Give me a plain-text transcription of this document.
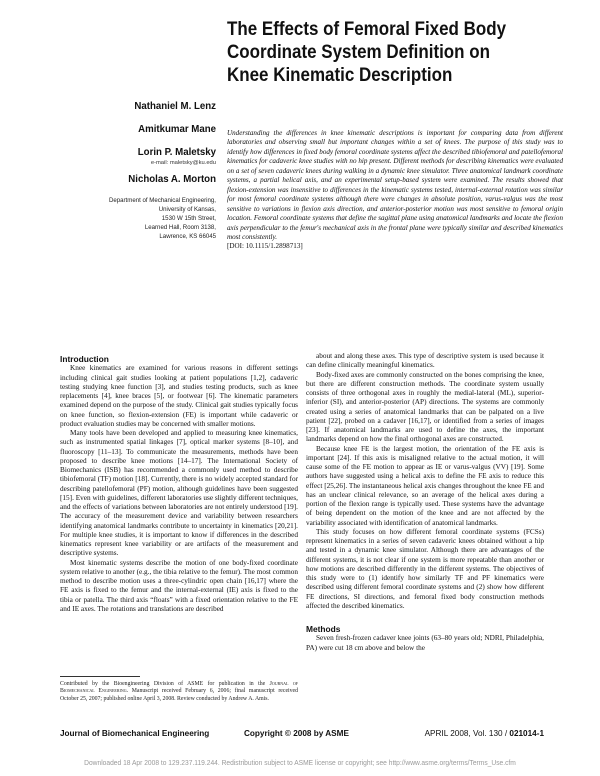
The Effects of Femoral Fixed Body
Coordinate System Definition on
Knee Kinematic Description
Nathaniel M. Lenz
Amitkumar Mane
Lorin P. Maletsky
e-mail: maletsky@ku.edu
Nicholas A. Morton
Department of Mechanical Engineering,
University of Kansas,
1530 W 15th Street,
Learned Hall, Room 3138,
Lawrence, KS 66045
Understanding the differences in knee kinematic descriptions is important for comparing data from different laboratories and observing small but important changes within a set of knees. The purpose of this study was to identify how differences in fixed body femoral coordinate systems affect the described tibiofemoral and patellofemoral kinematics for cadaveric knee studies with no hip present. Different methods for describing kinematics were evaluated on a set of seven cadaveric knees during walking in a dynamic knee simulator. Three anatomical landmark coordinate systems, a partial helical axis, and an experimental setup-based system were examined. The results showed that flexion-extension was insensitive to differences in the kinematic systems tested, internal-external rotation was similar for most femoral coordinate systems although there were changes in absolute position, varus-valgus was the most sensitive to variations in flexion axis direction, and anterior-posterior motion was most sensitive to femoral origin location. Femoral coordinate systems that define the sagittal plane using anatomical landmarks and locate the flexion axis perpendicular to the femur's mechanical axis in the frontal plane were typically similar and described kinematics most consistently.
[DOI: 10.1115/1.2898713]

Introduction

Knee kinematics are examined for various reasons in different settings including clinical gait studies looking at patient populations [1,2], cadaveric testing studying knee function [3], and studies testing products, such as knee replacements [4], knee braces [5], or footwear [6]. The kinematic parameters examined depend on the purpose of the study. Clinical gait studies typically focus on knee function, so flexion-extension (FE) is important while cadaveric or product evaluation studies may be concerned with smaller motions.

Many tools have been developed and applied to measuring knee kinematics, such as instrumented spatial linkages [7], optical marker systems [8–10], and fluoroscopy [11–13]. To communicate the measurements, methods have been proposed to describe knee motions [14–17]. The International Society of Biomechanics (ISB) has recommended a commonly used method to describe tibiofemoral (TF) motion [18]. Currently, there is no widely accepted standard for describing patellofemoral (PF) motion, although guidelines have been suggested [15]. Even with guidelines, different laboratories use slightly different techniques, and the effects of variations between laboratories are not entirely understood [19]. The accuracy of the measurement device and variability between researchers identifying anatomical landmarks contribute to uncertainty in kinematics [20,21]. For multiple knee studies, it is important to know if differences in the described kinematics represent knee variability or are artifacts of the measurement and descriptive systems.

Most kinematic systems describe the motion of one body-fixed coordinate system relative to another (e.g., the tibia relative to the femur). The most common method to describe motion uses a three-cylindric open chain [16,17] where the FE axis is fixed to the femur and the internal-external (IE) axis is fixed to the tibia or patella. The third axis “floats” with a fixed orientation relative to the FE and IE axes. The rotations and translations are described

Contributed by the Bioengineering Division of ASME for publication in the Journal of Biomechanical Engineering. Manuscript received February 6, 2006; final manuscript received October 25, 2007; published online April 3, 2008. Review conducted by Andrew A. Amis.

about and along these axes. This type of descriptive system is used because it can define clinically meaningful kinematics.

Body-fixed axes are commonly constructed on the bones comprising the knee, but there are different construction methods. The coordinate system usually consists of three orthogonal axes in roughly the medial-lateral (ML), superior-inferior (SI), and anterior-posterior (AP) directions. The systems are commonly created using a series of anatomical landmarks that can be palpated on a live patient [22], probed on a cadaver [16,17], or identified from a series of images [23]. If anatomical landmarks are used to define the axes, the important landmarks depend on how the final orthogonal axes are constructed.

Because knee FE is the largest motion, the orientation of the FE axis is important [24]. If this axis is misaligned relative to the actual motion, it will cause some of the FE motion to appear as IE or varus-valgus (VV) [19]. Some authors have suggested using a helical axis to define the FE axis to reduce this effect [25,26]. The instantaneous helical axis changes throughout the knee FE and has an unclear clinical relevance, so an average of the helical axes during a portion of the flexion range is typically used. These systems have the advantage of being dependent on the motion of the knee and are not affected by the variability associated with identification of anatomical landmarks.

This study focuses on how different femoral coordinate systems (FCSs) represent kinematics in a series of seven cadaveric knees obtained without a hip and tested in a dynamic knee simulator. Although there are advantages of the different systems, it is not clear if one system is more repeatable than another or how motions are described differently in the different systems. The objectives of this study were to (1) identify how similarly TF and PF kinematics were described using different femoral coordinate systems and (2) show how different FE directions, SI directions, and femoral fixed body construction methods affected the described kinematics.

Methods

Seven fresh-frozen cadaver knee joints (63–80 years old; NDRI, Philadelphia, PA) were cut 18 cm above and below the

Journal of Biomechanical Engineering	Copyright © 2008 by ASME	APRIL 2008, Vol. 130 / 021014-1
Downloaded 18 Apr 2008 to 129.237.119.244. Redistribution subject to ASME license or copyright; see http://www.asme.org/terms/Terms_Use.cfm
